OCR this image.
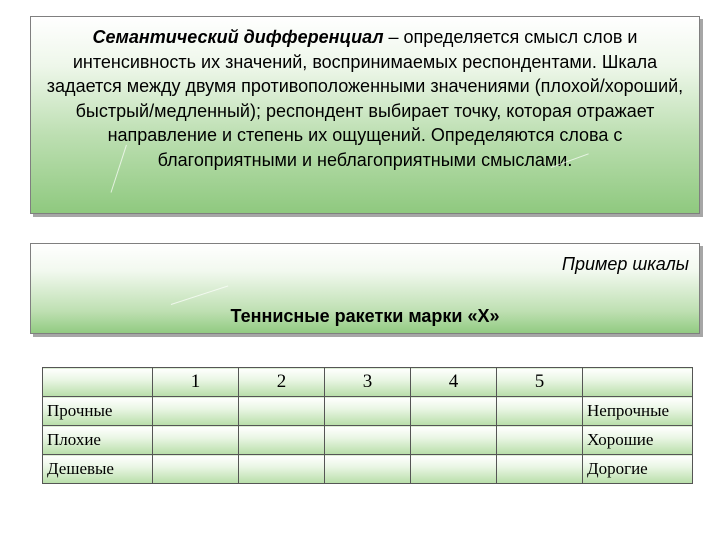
Семантический дифференциал – определяется смысл слов и интенсивность их значений, воспринимаемых респондентами. Шкала задается между двумя противоположенными значениями (плохой/хороший, быстрый/медленный); респондент выбирает точку, которая отражает направление и степень их ощущений. Определяются слова с благоприятными и неблагоприятными смыслами.

Пример шкалы
Теннисные ракетки марки «Х»
	1	2	3	4	5	
Прочные						Непрочные
Плохие						Хорошие
Дешевые						Дорогие
